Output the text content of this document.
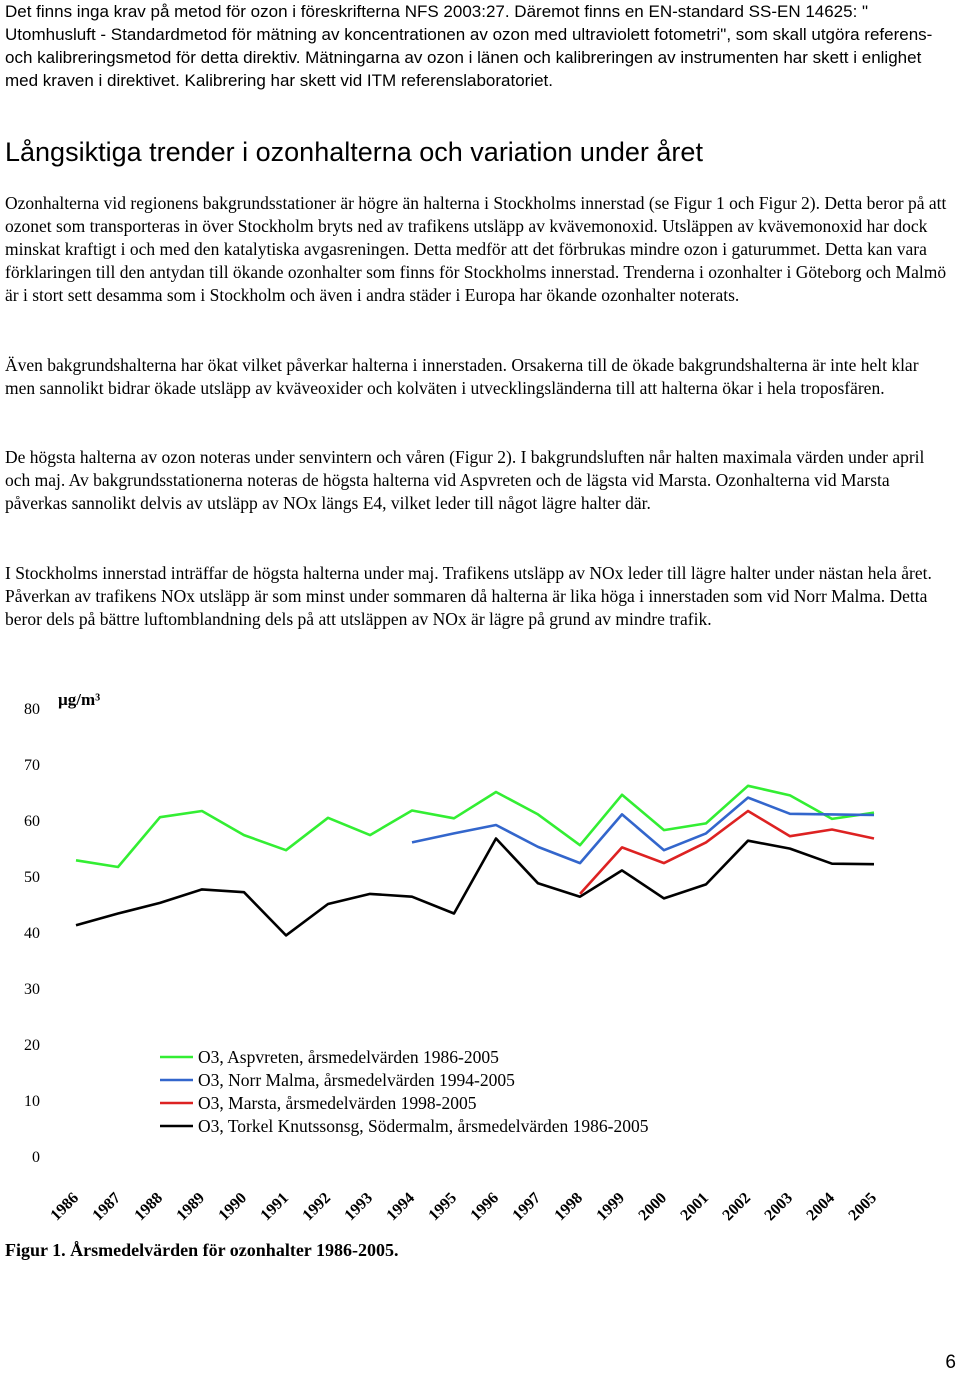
Det finns inga krav på metod för ozon i föreskrifterna NFS 2003:27. Däremot finns en EN-standard SS-EN 14625: " Utomhusluft - Standardmetod för mätning av koncentrationen av ozon med ultraviolett fotometri", som skall utgöra referens- och kalibreringsmetod för detta direktiv. Mätningarna av ozon i länen och kalibreringen av instrumenten har skett i enlighet med kraven i direktivet. Kalibrering har skett vid ITM referenslaboratoriet.

Långsiktiga trender i ozonhalterna och variation under året

Ozonhalterna vid regionens bakgrundsstationer är högre än halterna i Stockholms innerstad (se Figur 1 och Figur 2). Detta beror på att ozonet som transporteras in över Stockholm bryts ned av trafikens utsläpp av kvävemonoxid. Utsläppen av kvävemonoxid har dock minskat kraftigt i och med den katalytiska avgasreningen. Detta medför att det förbrukas mindre ozon i gaturummet. Detta kan vara förklaringen till den antydan till ökande ozonhalter som finns för Stockholms innerstad. Trenderna i ozonhalter i Göteborg och Malmö är i stort sett desamma som i Stockholm och även i andra städer i Europa har ökande ozonhalter noterats.

Även bakgrundshalterna har ökat vilket påverkar halterna i innerstaden. Orsakerna till de ökade bakgrundshalterna är inte helt klar men sannolikt bidrar ökade utsläpp av kväveoxider och kolväten i utvecklingsländerna till att halterna ökar i hela troposfären.

De högsta halterna av ozon noteras under senvintern och våren (Figur 2). I bakgrundsluften når halten maximala värden under april och maj. Av bakgrundsstationerna noteras de högsta halterna vid Aspvreten och de lägsta vid Marsta. Ozonhalterna vid Marsta påverkas sannolikt delvis av utsläpp av NOx längs E4, vilket leder till något lägre halter där.

I Stockholms innerstad inträffar de högsta halterna under maj. Trafikens utsläpp av NOx leder till lägre halter under nästan hela året. Påverkan av trafikens NOx utsläpp är som minst under sommaren då halterna är lika höga i innerstaden som vid Norr Malma. Detta beror dels på bättre luftomblandning dels på att utsläppen av NOx är lägre på grund av mindre trafik.

0
10
20
30
40
50
60
70
80
µg/m³
1986 1987 1988 1989 1990 1991 1992 1993 1994 1995 1996 1997 1998 1999 2000 2001 2002 2003 2004 2005
O3, Aspvreten, årsmedelvärden 1986-2005
O3, Norr Malma, årsmedelvärden 1994-2005
O3, Marsta, årsmedelvärden 1998-2005
O3, Torkel Knutssonsg, Södermalm, årsmedelvärden 1986-2005

Figur 1. Årsmedelvärden för ozonhalter 1986-2005.

6
